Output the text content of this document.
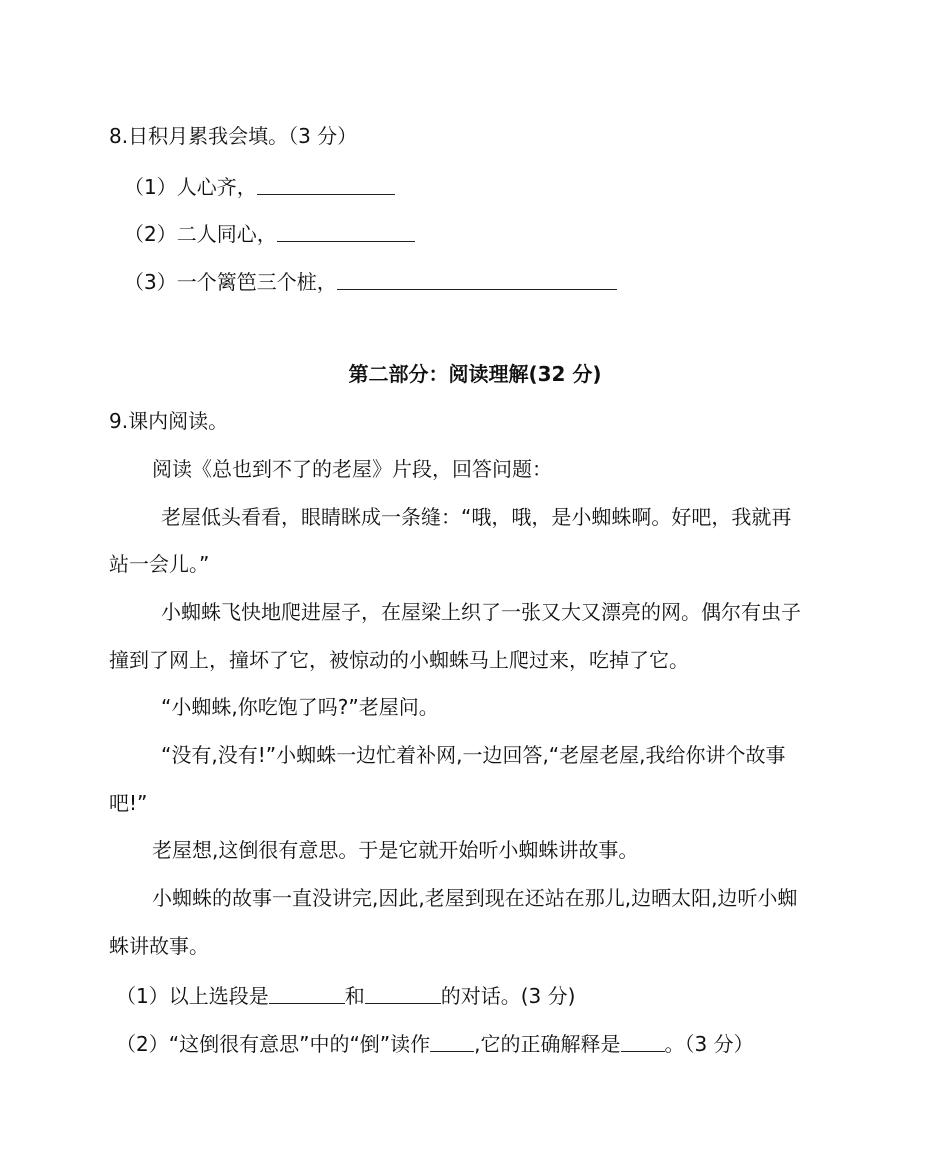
8.日积月累我会填。（3 分）
（1）人心齐，
（2）二人同心，
（3）一个篱笆三个桩，
第二部分：阅读理解(32 分)
9.课内阅读。
阅读《总也到不了的老屋》片段，回答问题：
老屋低头看看，眼睛眯成一条缝：“哦，哦，是小蜘蛛啊。好吧，我就再
站一会儿。”
小蜘蛛飞快地爬进屋子，在屋梁上织了一张又大又漂亮的网。偶尔有虫子
撞到了网上，撞坏了它，被惊动的小蜘蛛马上爬过来，吃掉了它。
“小蜘蛛,你吃饱了吗?”老屋问。
“没有,没有!”小蜘蛛一边忙着补网,一边回答,“老屋老屋,我给你讲个故事
吧!”
老屋想,这倒很有意思。于是它就开始听小蜘蛛讲故事。
小蜘蛛的故事一直没讲完,因此,老屋到现在还站在那儿,边晒太阳,边听小蜘
蛛讲故事。
（1）以上选段是	和	的对话。(3 分)
（2）“这倒很有意思”中的“倒”读作 ,它的正确解释是 。（3 分）
